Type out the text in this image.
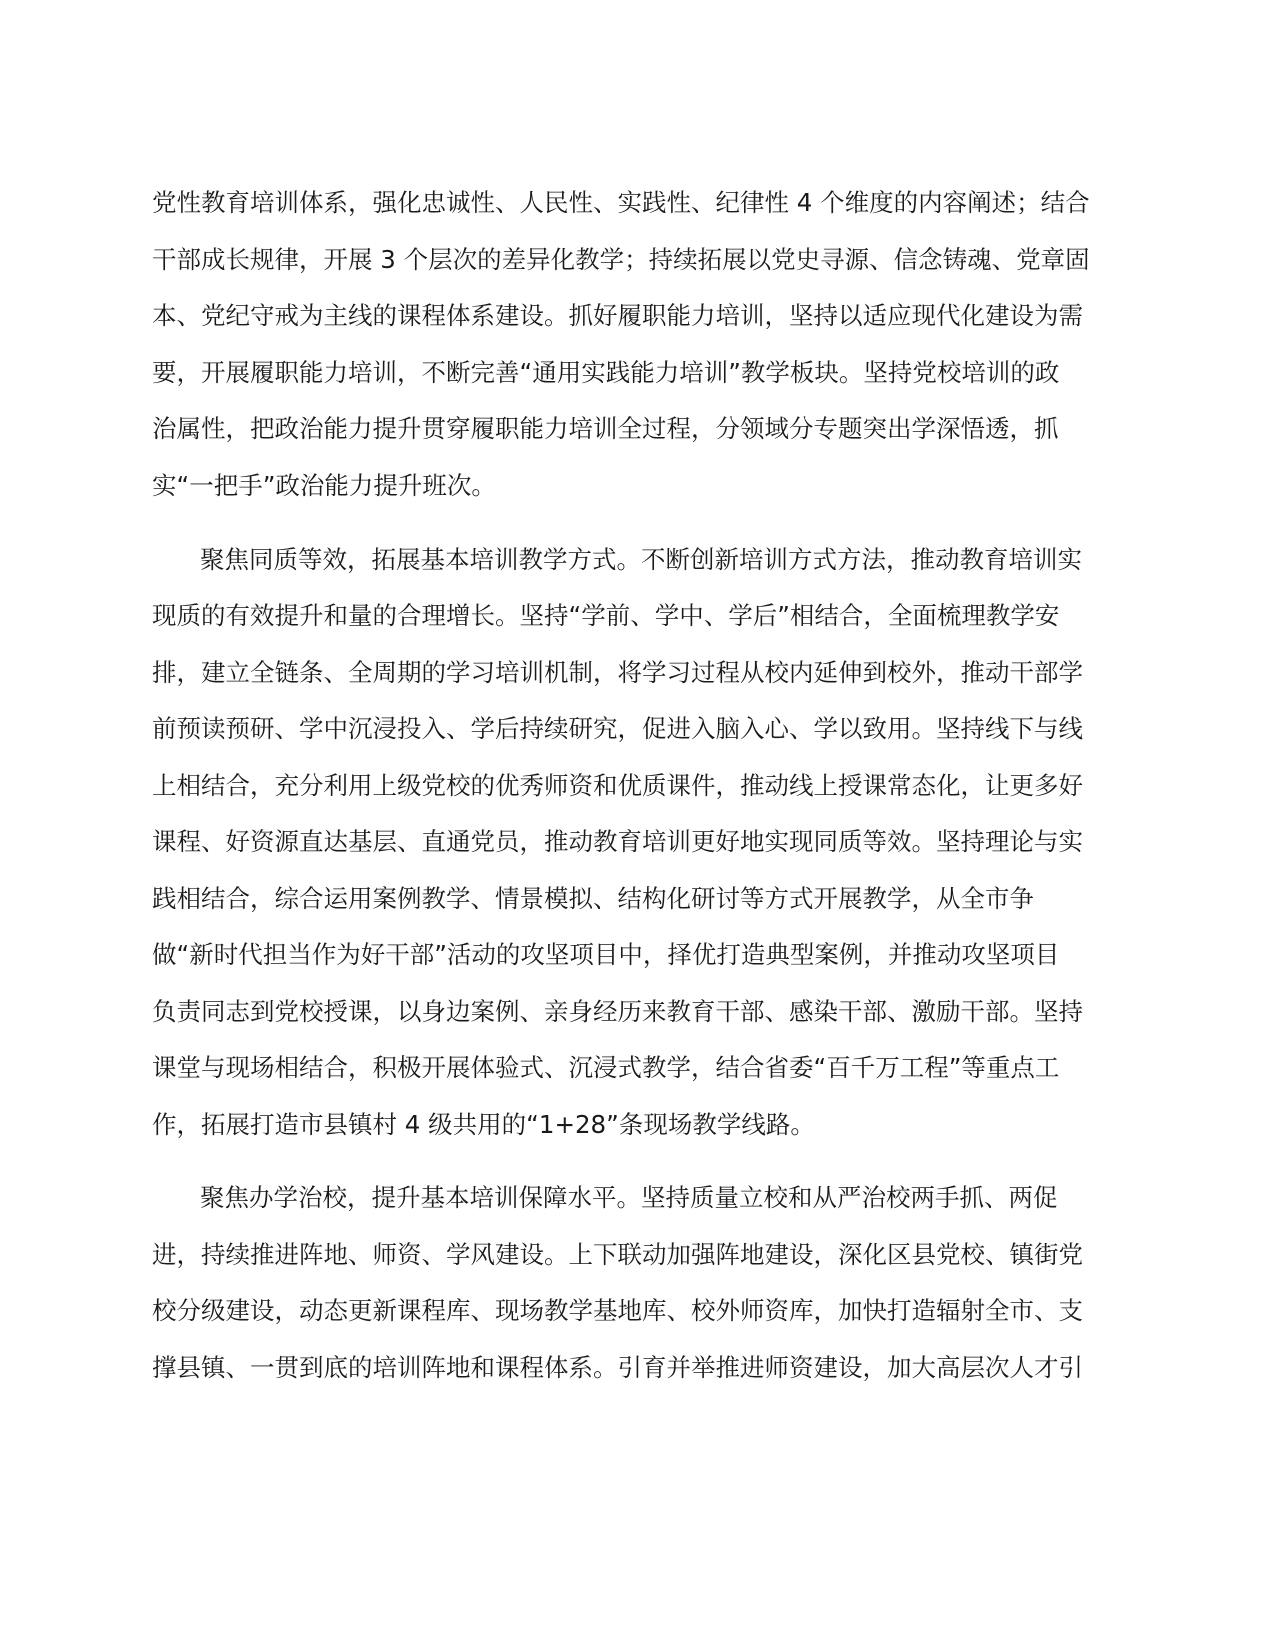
党性教育培训体系，强化忠诚性、人民性、实践性、纪律性 4 个维度的内容阐述；结合
干部成长规律，开展 3 个层次的差异化教学；持续拓展以党史寻源、信念铸魂、党章固
本、党纪守戒为主线的课程体系建设。抓好履职能力培训，坚持以适应现代化建设为需
要，开展履职能力培训，不断完善“通用实践能力培训”教学板块。坚持党校培训的政
治属性，把政治能力提升贯穿履职能力培训全过程，分领域分专题突出学深悟透，抓
实“一把手”政治能力提升班次。
聚焦同质等效，拓展基本培训教学方式。不断创新培训方式方法，推动教育培训实
现质的有效提升和量的合理增长。坚持“学前、学中、学后”相结合，全面梳理教学安
排，建立全链条、全周期的学习培训机制，将学习过程从校内延伸到校外，推动干部学
前预读预研、学中沉浸投入、学后持续研究，促进入脑入心、学以致用。坚持线下与线
上相结合，充分利用上级党校的优秀师资和优质课件，推动线上授课常态化，让更多好
课程、好资源直达基层、直通党员，推动教育培训更好地实现同质等效。坚持理论与实
践相结合，综合运用案例教学、情景模拟、结构化研讨等方式开展教学，从全市争
做“新时代担当作为好干部”活动的攻坚项目中，择优打造典型案例，并推动攻坚项目
负责同志到党校授课，以身边案例、亲身经历来教育干部、感染干部、激励干部。坚持
课堂与现场相结合，积极开展体验式、沉浸式教学，结合省委“百千万工程”等重点工
作，拓展打造市县镇村 4 级共用的“1+28”条现场教学线路。
聚焦办学治校，提升基本培训保障水平。坚持质量立校和从严治校两手抓、两促
进，持续推进阵地、师资、学风建设。上下联动加强阵地建设，深化区县党校、镇街党
校分级建设，动态更新课程库、现场教学基地库、校外师资库，加快打造辐射全市、支
撑县镇、一贯到底的培训阵地和课程体系。引育并举推进师资建设，加大高层次人才引
